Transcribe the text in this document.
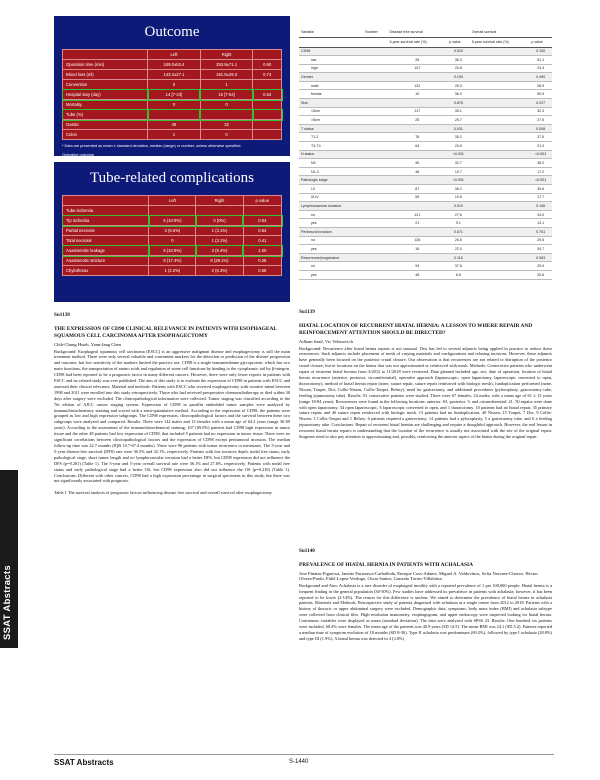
SSAT Abstracts
Outcome
	Left	Right	
Operation time (min)	249.0±53.4	253.9±71.1	0.60
Blood loss (ml)	143.3±27.1	151.9±29.3	0.74
Conversion	0	1	
Hospital stay (day)	14 [7-23]	15 [7-54]	0.64
Mortality	0	0	
Tube (%)			
Gastric	46	32	
Colon	1	0	
* Data are presented as mean ± standard deviation, median (range) or number, unless otherwise specified.
Operative outcome
Tube-related complications
	Left	Right	p value
Tube ischemia			
Tip ischemia	5 (10.9%)	0 (0%)	0.04
Partial necrosis	3 (6.5%)	1 (3.1%)	0.64
Total necrosis	0	1 (3.1%)	0.41
Anastomotic leakage	5 (10.9%)	3 (9.4%)	1.00
Anastomotic stricture	8 (17.4%)	9 (28.1%)	0.28
Chylothorax	1 (2.2%)	2 (6.3%)	0.56
Variable	Number	Disease free survival		Overall survival	
		5-year survival rate (%)	p value	5-year survival rate (%)	p value
CD98			0.010		0.100
low		28	36.3		51.1
high		107	20.8		24.3
Gender			0.190		0.490
male		132	25.3		28.9
female		10	36.0		50.9
Size			0.878		0.227
<5cm		117	35.1		32.3
>5cm		25	25.7		27.5
T status			0.031		0.008
T1-2		78	35.2		37.5
T3-T4		64	20.5		21.0
N status			<0.001		<0.001
N0		96	32.7		38.2
N1-3		46	10.7		17.2
Pathologic stage			<0.001		<0.001
I-II		87	36.2		39.6
III-IV		55	10.6		17.7
Lymphovascular invasion			0.010		0.106
no		121	27.6		34.0
yes		21	9.1		13.1
Perineural invasion			0.671		0.751
no		126	26.8		29.6
yes		16	22.0		34.7
Recurrence/progression			0.110		0.083
no		94	37.8		29.9
yes		48	6.5		25.8
Su1138
THE EXPRESSION OF CD98 CLINICAL RELEVANCE IN PATIENTS WITH ESOPHAGEAL SQUAMOUS CELL CARCINOMA AFTER ESOPHAGECTOMY
Chih-Chung Hsieh, Yann-Jang Chen
Background: Esophageal squamous cell carcinoma (ESCC) is an aggressive malignant disease and esophagectomy is still the main treatment method. There were only several valuable and convenient markers for the detection or prediction of the disease progression and outcome, but low sensitivity of the markers limited the practice use. CD98 is a single-transmembrane glycoprotein, which has two main functions, the transportation of amino acids and regulation of some cell functions by binding to the cytoplasmic tail by β-integrin. CD98 had been reported to be a prognostic factor in many different cancers. However, there were only fewer reports in patients with ESCC and no related study was ever published. The aim of this study is to evaluate the expression of CD98 in patients with ESCC and assessed their clinical relevance. Material and methods: Patients with ESCC who received esophagectomy with curative intent between 1998 and 2011 were enrolled into this study retrospectively. Those who had received preoperative chemoradiotherapy or died within 30 days after surgery were excluded. The clinicopathological information were collected. Tumor staging was classified according to the 7th edition of AJCC cancer staging system. Expression of CD98 in paraffin embedded tumor samples were analyzed by immunohistochemistry staining and scored with a semi-quantitative method. According to the expression of CD98, the patients were grouped as low and high expression subgroups. The CD98 expression, clinicopathological factors and the survival between these two subgroups were analyzed and compared. Results: There were 142 males and 13 females with a mean age of 64.2 years (range 36-89 years). According to the assessment of the immunohistochemical staining, 107 (69.0%) patients had CD98 high expression in tumor tissue and the other 48 patients had low expression of CD98, that included 5 patients had no expression in tumor tissue. There were no significant correlations between clinicopathological factors and the expression of CD98 except peritumoral invasion. The median follow-up time was 22.7 months (IQR 10.7-67.4 months). There were 96 patients with tumor recurrence or metastasis. The 3-year and 5-year disease-free survival (DFS) rate were 36.5% and 32.1%, respectively. Patients with low invasive depth, nodal free status, early pathological stage, short tumor length and no lymphovascular invasion had a better DFS, but CD98 expression did not influence the DFS (p=0.201) (Table 1). The 3-year and 5-year overall survival rate were 36.1% and 27.6%, respectively. Patients with nodal free status and early pathological stage had a better OS, but CD98 expression also did not influence the OS (p=0.210) (Table 1). Conclusions: Different with other cancers, CD98 had a high expression percentage in surgical specimens in this study, but there was not significantly associated with prognosis.
Table 1 The survival analysis of prognostic factors influencing disease free survival and overall survival after esophagectomy
Su1139
HIATAL LOCATION OF RECURRENT HIATAL HERNIA: A LESSON TO WHERE REPAIR AND REINFORCEMENT ATTENTION SHOULD BE DIRECTED?
Adham Saad, Vic Velanovich
Background: Recurrence after hiatal hernia repairs is not unusual. This has led to several adjuncts being applied in practice to reduce these recurrences. Such adjuncts include placement of mesh of varying materials and configurations and relaxing incisions. However, these adjuncts have generally been focused on the posterior crural closure. Our observation is that recurrences are not related to disruption of the posterior crural closure, but in locations on the hiatus that was not approximated or reinforced with mesh. Methods: Consecutive patients who underwent repair of recurrent hiatal hernias from 3/2012 to 11/2018 were reviewed. Data gleaned included age, sex, date of operation, location of hiatal hernia recurrence (anterior, posterior, circumferential), operative approach (laparoscopic, open laparotomy, laparoscopic converted to open, thoracotomy), method of hiatal hernia repair (none, suture repair, suture repair reinforced with biologic mesh), fundoplication performed (none, Nissen, Toupet, Dor, Collis-Nissen, Collis-Toupet, Belsey), need for gastrectomy, and additional procedures (pyloroplasty, gastrostomy tube, feeding jejunostomy tube). Results: 91 consecutive patients were studied. There were 67 females, 24 males, with a mean age of 61 ± 15 years (range 18-84 years). Recurrences were found in the following locations: anterior: 65, posterior: 5, and circumferential: 21. 50 repairs were done with open laparotomy, 34 open laparoscopic, 6 laparoscopic converted to open, and 1 thoracotomy. 10 patients had no hiatal repair, 35 primary suture repair, and 46 suture repair reinforced with biologic mesh. 13 patients had no fundoplication, 40 Nissen, 15 Toupet, 7 Dor, 9 Collis-Nissen, 3 Collis-Toupet and 1 Belsey. 6 patients required a gastrectomy. 14 patients had a pyloroplasty, 5 a gastrostomy tube, and 6 a feeding jejunostomy tube. Conclusions: Repair of recurrent hiatal hernias are challenging and require a thoughtful approach. However, the real lesson in recurrent hiatal hernia repairs is understanding that the location of the recurrence is usually not associated with the site of the original repair. Surgeons need to also pay attention to approximating and, possibly, reinforcing the anterior aspect of the hiatus during the original repair.
Su1140
PREVALENCE OF HIATAL HERNIA IN PATIENTS WITH ACHALASIA
Jose Pinatas-Figueroa, Janette Furuzawa-Carballeda, Enrique Coss-Adame, Miguel A. Valdovinos, Sofia Narvaez-Chavez, Hector Olvera-Prado, Fidel Lopez-Verdugo, Oscar Santes, Gonzalo Torres-Villalobos
Background and Aim: Achalasia is a rare disorder of esophageal motility with a reported prevalence of 1 per 100,000 people. Hiatal hernia is a frequent finding in the general population (30-50%). Few studies have addressed its prevalence in patients with achalasia; however, it has been reported to be lower (2-14%). The reason for this difference is unclear. We aimed to determine the prevalence of hiatal hernia in achalasia patients. Materials and Methods: Retrospective study of patients diagnosed with achalasia at a single center from 2012 to 2018. Patients with a history of thoracic or upper abdominal surgery were excluded. Demographic data, symptoms, body mass index (BMI) and achalasia subtype were collected from clinical files. High-resolution manometry, esophagogram, and upper endoscopy were inspected looking for hiatal hernia. Continuous variables were displayed as mean (standard deviation). The data were analyzed with SPSS 23. Results: One hundred six patients were included, 60.4% were females. The mean age of the patients was 40.9 years (SD 14.5). The mean BMI was 24.1 (SD 5.2). Patients reported a median time of symptom evolution of 18 months (SD 8-36). Type II achalasia was predominant (69.2%), followed by type I achalasia (28.8%) and type III (1.9%). A hiatal hernia was detected in 4 (3.8%)
SSAT Abstracts	S-1440
